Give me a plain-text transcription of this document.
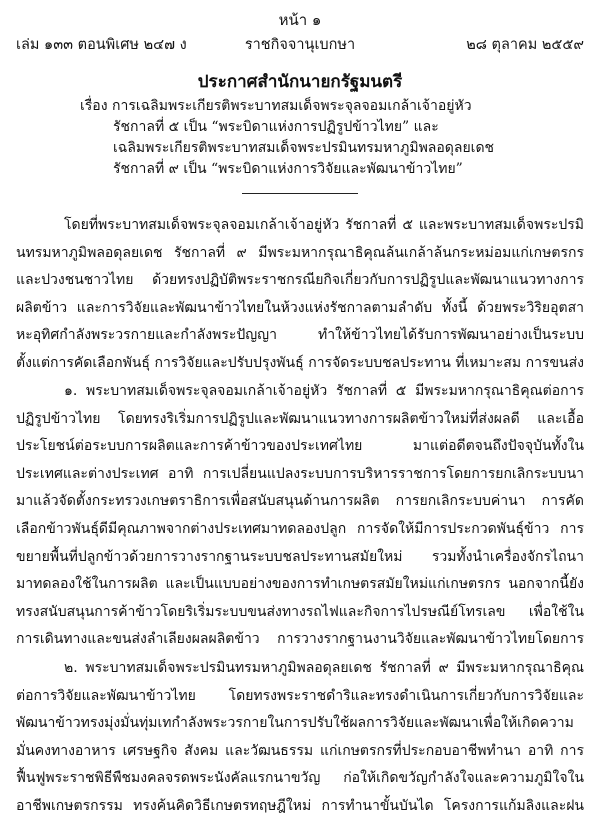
หน้า ๑
เล่ม ๑๓๓ ตอนพิเศษ ๒๔๗ ง	ราชกิจจานุเบกษา	๒๘ ตุลาคม ๒๕๕๙
ประกาศสำนักนายกรัฐมนตรี
เรื่อง การเฉลิมพระเกียรติพระบาทสมเด็จพระจุลจอมเกล้าเจ้าอยู่หัว
รัชกาลที่ ๕ เป็น “พระบิดาแห่งการปฏิรูปข้าวไทย” และ
เฉลิมพระเกียรติพระบาทสมเด็จพระปรมินทรมหาภูมิพลอดุลยเดช
รัชกาลที่ ๙ เป็น “พระบิดาแห่งการวิจัยและพัฒนาข้าวไทย”

โดยที่พระบาทสมเด็จพระจุลจอมเกล้าเจ้าอยู่หัว รัชกาลที่ ๕ และพระบาทสมเด็จพระปรมินทรมหาภูมิพลอดุลยเดช รัชกาลที่ ๙ มีพระมหากรุณาธิคุณล้นเกล้าล้นกระหม่อมแก่เกษตรกรและปวงชนชาวไทย ด้วยทรงปฏิบัติพระราชกรณียกิจเกี่ยวกับการปฏิรูปและพัฒนาแนวทางการผลิตข้าว และการวิจัยและพัฒนาข้าวไทยในห้วงแห่งรัชกาลตามลำดับ ทั้งนี้ ด้วยพระวิริยอุตสาหะอุทิศกำลังพระวรกายและกำลังพระปัญญา ทำให้ข้าวไทยได้รับการพัฒนาอย่างเป็นระบบ ตั้งแต่การคัดเลือกพันธุ์ การวิจัยและปรับปรุงพันธุ์ การจัดระบบชลประทาน ที่เหมาะสม การขนส่ง

๑. พระบาทสมเด็จพระจุลจอมเกล้าเจ้าอยู่หัว รัชกาลที่ ๕ มีพระมหากรุณาธิคุณต่อการปฏิรูปข้าวไทย โดยทรงริเริ่มการปฏิรูปและพัฒนาแนวทางการผลิตข้าวใหม่ที่ส่งผลดี และเอื้อประโยชน์ต่อระบบการผลิตและการค้าข้าวของประเทศไทย มาแต่อดีตจนถึงปัจจุบันทั้งในประเทศและต่างประเทศ อาทิ การเปลี่ยนแปลงระบบการบริหารราชการโดยการยกเลิกระบบนามาแล้วจัดตั้งกระทรวงเกษตราธิการเพื่อสนับสนุนด้านการผลิต การยกเลิกระบบค่านา การคัดเลือกข้าวพันธุ์ดีมีคุณภาพจากต่างประเทศมาทดลองปลูก การจัดให้มีการประกวดพันธุ์ข้าว การขยายพื้นที่ปลูกข้าวด้วยการวางรากฐานระบบชลประทานสมัยใหม่ รวมทั้งนำเครื่องจักรไถนามาทดลองใช้ในการผลิต และเป็นแบบอย่างของการทำเกษตรสมัยใหม่แก่เกษตรกร นอกจากนี้ยังทรงสนับสนุนการค้าข้าวโดยริเริ่มระบบขนส่งทางรถไฟและกิจการไปรษณีย์โทรเลข เพื่อใช้ในการเดินทางและขนส่งลำเลียงผลผลิตข้าว การวางรากฐานงานวิจัยและพัฒนาข้าวไทยโดยการ

๒. พระบาทสมเด็จพระปรมินทรมหาภูมิพลอดุลยเดช รัชกาลที่ ๙ มีพระมหากรุณาธิคุณต่อการวิจัยและพัฒนาข้าวไทย โดยทรงพระราชดำริและทรงดำเนินการเกี่ยวกับการวิจัยและพัฒนาข้าวทรงมุ่งมั่นทุ่มเทกำลังพระวรกายในการปรับใช้ผลการวิจัยและพัฒนาเพื่อให้เกิดความมั่นคงทางอาหาร เศรษฐกิจ สังคม และวัฒนธรรม แก่เกษตรกรที่ประกอบอาชีพทำนา อาทิ การฟื้นฟูพระราชพิธีพืชมงคลจรดพระนังคัลแรกนาขวัญ ก่อให้เกิดขวัญกำลังใจและความภูมิใจในอาชีพเกษตรกรรม ทรงค้นคิดวิธีเกษตรทฤษฎีใหม่ การทำนาขั้นบันได โครงการแก้มลิงและฝน
